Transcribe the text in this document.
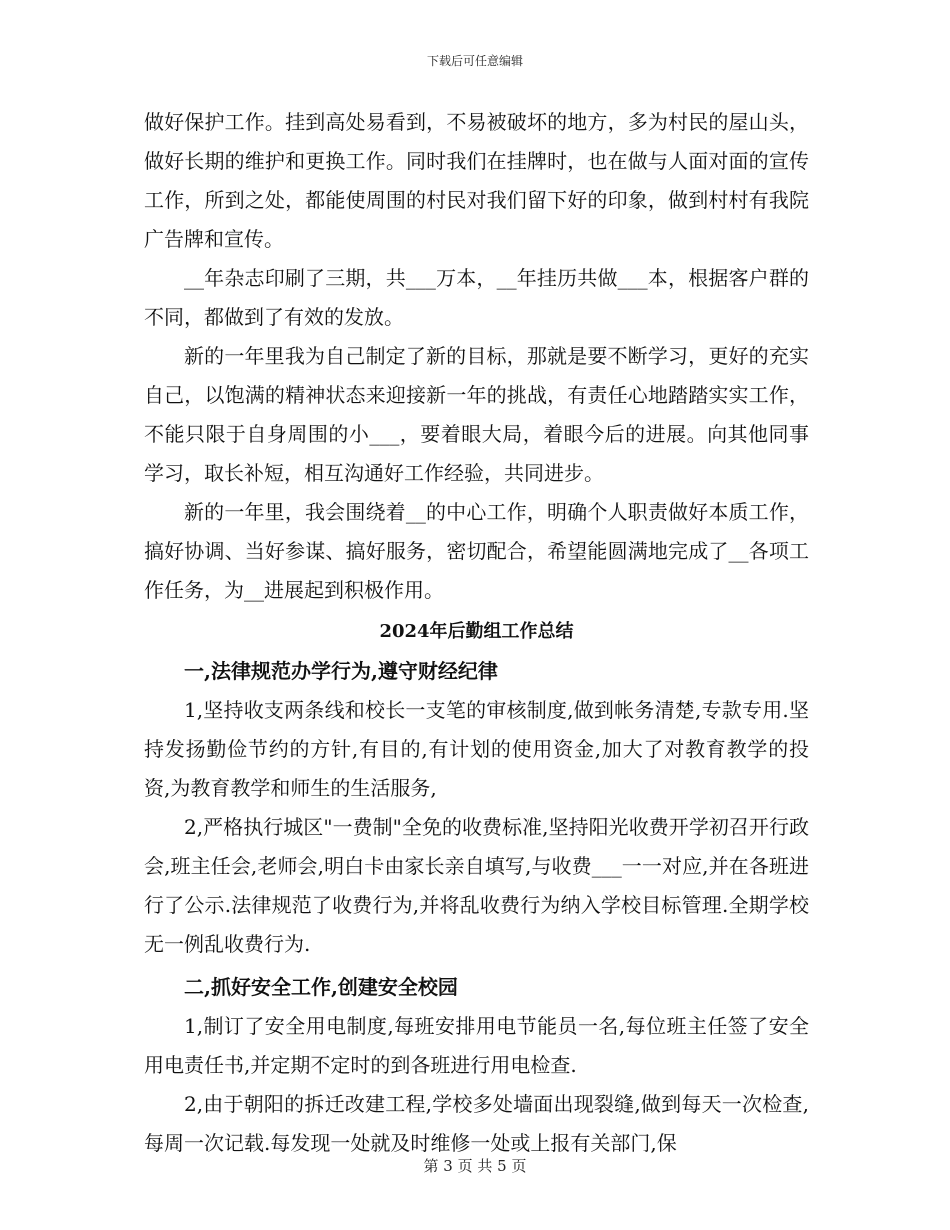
下载后可任意编辑

做好保护工作。挂到高处易看到，不易被破坏的地方，多为村民的屋山头，做好长期的维护和更换工作。同时我们在挂牌时，也在做与人面对面的宣传工作，所到之处，都能使周围的村民对我们留下好的印象，做到村村有我院广告牌和宣传。

__年杂志印刷了三期，共___万本，__年挂历共做___本，根据客户群的不同，都做到了有效的发放。

新的一年里我为自己制定了新的目标，那就是要不断学习，更好的充实自己，以饱满的精神状态来迎接新一年的挑战，有责任心地踏踏实实工作，不能只限于自身周围的小___，要着眼大局，着眼今后的进展。向其他同事学习，取长补短，相互沟通好工作经验，共同进步。

新的一年里，我会围绕着__的中心工作，明确个人职责做好本质工作，搞好协调、当好参谋、搞好服务，密切配合，希望能圆满地完成了__各项工作任务，为__进展起到积极作用。

2024年后勤组工作总结

一,法律规范办学行为,遵守财经纪律

1,坚持收支两条线和校长一支笔的审核制度,做到帐务清楚,专款专用.坚持发扬勤俭节约的方针,有目的,有计划的使用资金,加大了对教育教学的投资,为教育教学和师生的生活服务,

2,严格执行城区"一费制"全免的收费标准,坚持阳光收费开学初召开行政会,班主任会,老师会,明白卡由家长亲自填写,与收费___一一对应,并在各班进行了公示.法律规范了收费行为,并将乱收费行为纳入学校目标管理.全期学校无一例乱收费行为.

二,抓好安全工作,创建安全校园

1,制订了安全用电制度,每班安排用电节能员一名,每位班主任签了安全用电责任书,并定期不定时的到各班进行用电检查.

2,由于朝阳的拆迁改建工程,学校多处墙面出现裂缝,做到每天一次检查,每周一次记载.每发现一处就及时维修一处或上报有关部门,保

第 3 页 共 5 页
